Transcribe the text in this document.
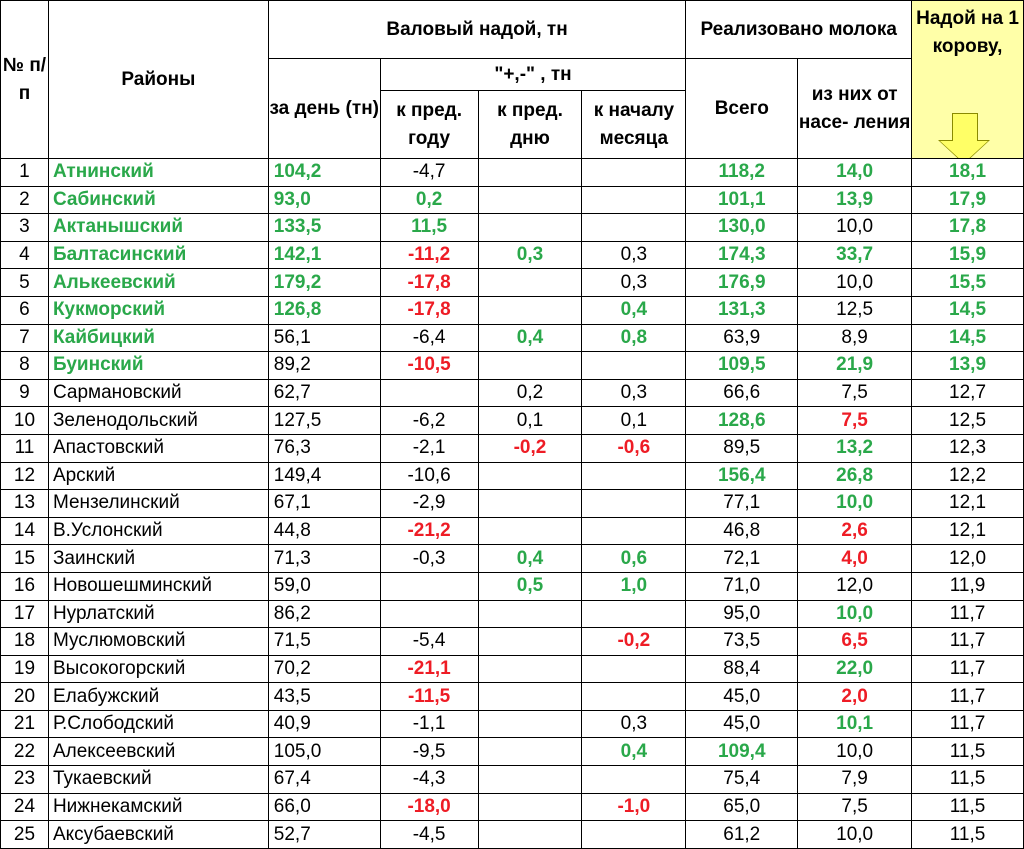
№ п/п	Районы	Валовый надой, тн				Реализовано молока		Надой на 1 корову,

		за день (тн)	"+,-" , тн			Всего	из них от насе- ления	
			к пред. году	к пред. дню	к началу месяца			
1	Атнинский	104,2	-4,7			118,2	14,0	18,1
2	Сабинский	93,0	0,2			101,1	13,9	17,9
3	Актанышский	133,5	11,5			130,0	10,0	17,8
4	Балтасинский	142,1	-11,2	0,3	0,3	174,3	33,7	15,9
5	Алькеевский	179,2	-17,8		0,3	176,9	10,0	15,5
6	Кукморский	126,8	-17,8		0,4	131,3	12,5	14,5
7	Кайбицкий	56,1	-6,4	0,4	0,8	63,9	8,9	14,5
8	Буинский	89,2	-10,5			109,5	21,9	13,9
9	Сармановский	62,7		0,2	0,3	66,6	7,5	12,7
10	Зеленодольский	127,5	-6,2	0,1	0,1	128,6	7,5	12,5
11	Апастовский	76,3	-2,1	-0,2	-0,6	89,5	13,2	12,3
12	Арский	149,4	-10,6			156,4	26,8	12,2
13	Мензелинский	67,1	-2,9			77,1	10,0	12,1
14	В.Услонский	44,8	-21,2			46,8	2,6	12,1
15	Заинский	71,3	-0,3	0,4	0,6	72,1	4,0	12,0
16	Новошешминский	59,0		0,5	1,0	71,0	12,0	11,9
17	Нурлатский	86,2				95,0	10,0	11,7
18	Муслюмовский	71,5	-5,4		-0,2	73,5	6,5	11,7
19	Высокогорский	70,2	-21,1			88,4	22,0	11,7
20	Елабужский	43,5	-11,5			45,0	2,0	11,7
21	Р.Слободский	40,9	-1,1		0,3	45,0	10,1	11,7
22	Алексеевский	105,0	-9,5		0,4	109,4	10,0	11,5
23	Тукаевский	67,4	-4,3			75,4	7,9	11,5
24	Нижнекамский	66,0	-18,0		-1,0	65,0	7,5	11,5
25	Аксубаевский	52,7	-4,5			61,2	10,0	11,5
